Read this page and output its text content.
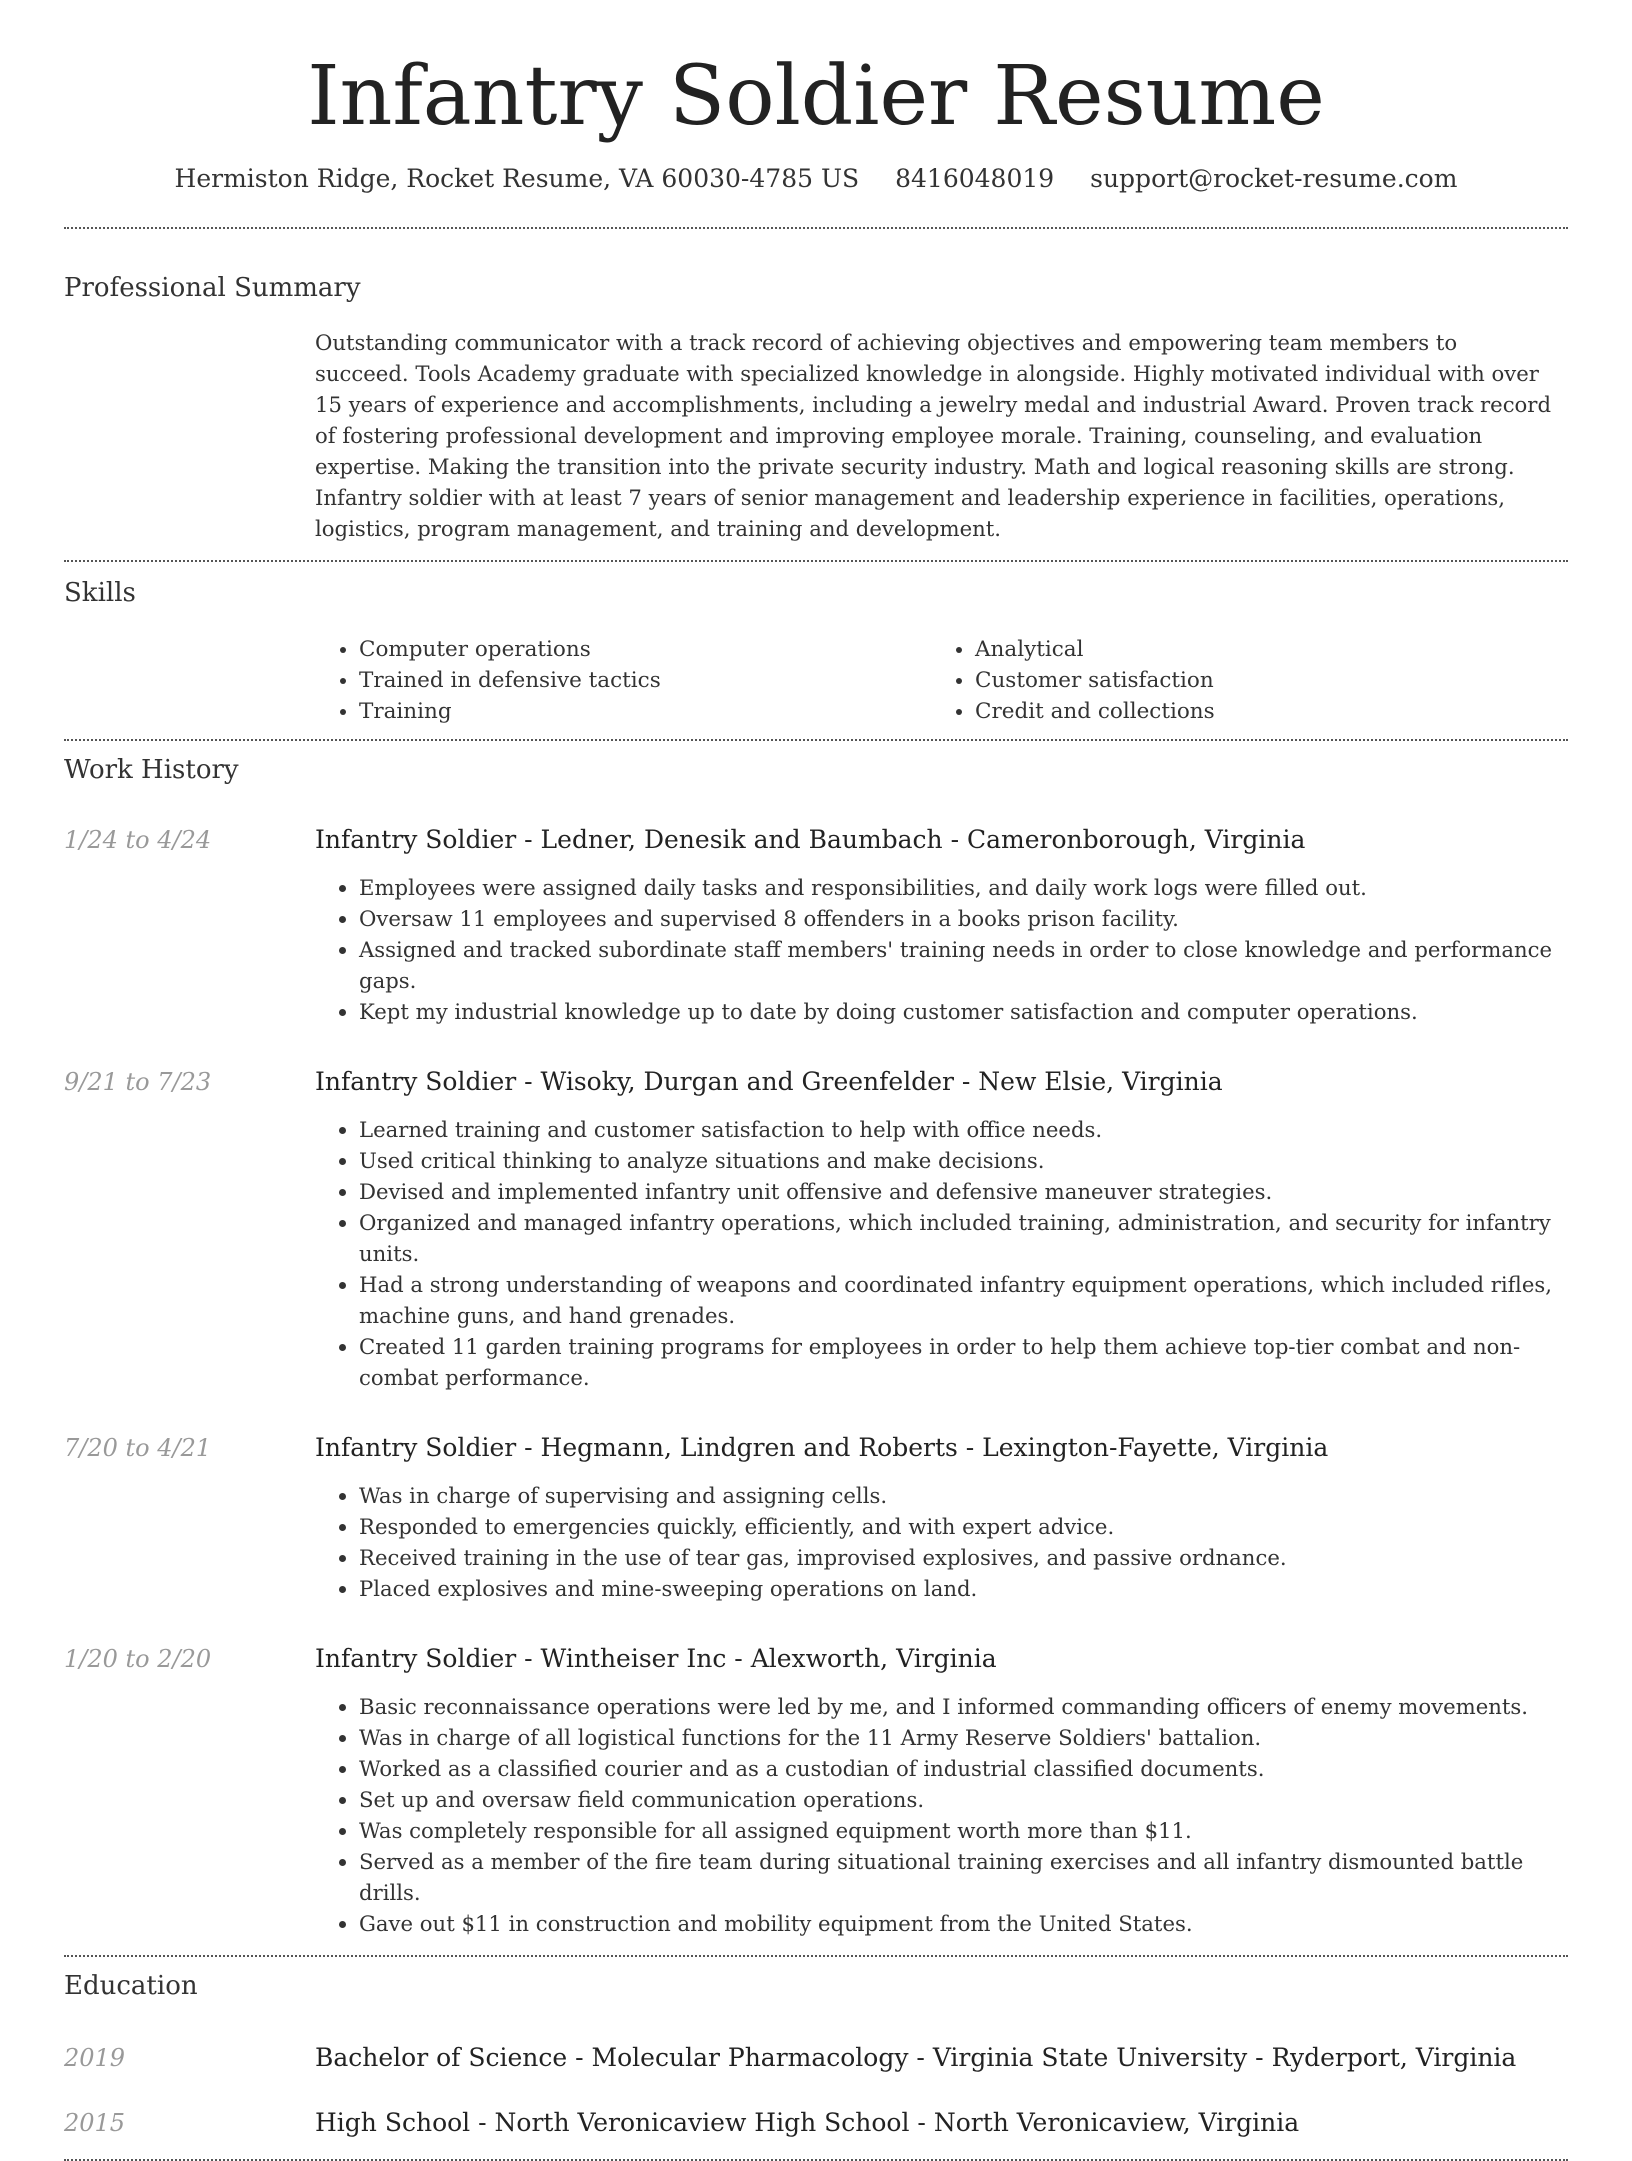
Infantry Soldier Resume
Hermiston Ridge, Rocket Resume, VA 60030-4785 US 8416048019 support@rocket-resume.com
Professional Summary

Outstanding communicator with a track record of achieving objectives and empowering team members to succeed. Tools Academy graduate with specialized knowledge in alongside. Highly motivated individual with over 15 years of experience and accomplishments, including a jewelry medal and industrial Award. Proven track record of fostering professional development and improving employee morale. Training, counseling, and evaluation expertise. Making the transition into the private security industry. Math and logical reasoning skills are strong. Infantry soldier with at least 7 years of senior management and leadership experience in facilities, operations, logistics, program management, and training and development.

Skills
• Computer operations
• Trained in defensive tactics
• Training
• Analytical
• Customer satisfaction
• Credit and collections
Work History
1/24 to 4/24	Infantry Soldier - Ledner, Denesik and Baumbach - Cameronborough, Virginia
• Employees were assigned daily tasks and responsibilities, and daily work logs were filled out.
• Oversaw 11 employees and supervised 8 offenders in a books prison facility.
• Assigned and tracked subordinate staff members' training needs in order to close knowledge and performance gaps.
• Kept my industrial knowledge up to date by doing customer satisfaction and computer operations.
9/21 to 7/23	Infantry Soldier - Wisoky, Durgan and Greenfelder - New Elsie, Virginia
• Learned training and customer satisfaction to help with office needs.
• Used critical thinking to analyze situations and make decisions.
• Devised and implemented infantry unit offensive and defensive maneuver strategies.
• Organized and managed infantry operations, which included training, administration, and security for infantry units.
• Had a strong understanding of weapons and coordinated infantry equipment operations, which included rifles, machine guns, and hand grenades.
• Created 11 garden training programs for employees in order to help them achieve top-tier combat and non-combat performance.
7/20 to 4/21	Infantry Soldier - Hegmann, Lindgren and Roberts - Lexington-Fayette, Virginia
• Was in charge of supervising and assigning cells.
• Responded to emergencies quickly, efficiently, and with expert advice.
• Received training in the use of tear gas, improvised explosives, and passive ordnance.
• Placed explosives and mine-sweeping operations on land.
1/20 to 2/20	Infantry Soldier - Wintheiser Inc - Alexworth, Virginia
• Basic reconnaissance operations were led by me, and I informed commanding officers of enemy movements.
• Was in charge of all logistical functions for the 11 Army Reserve Soldiers' battalion.
• Worked as a classified courier and as a custodian of industrial classified documents.
• Set up and oversaw field communication operations.
• Was completely responsible for all assigned equipment worth more than $11.
• Served as a member of the fire team during situational training exercises and all infantry dismounted battle drills.
• Gave out $11 in construction and mobility equipment from the United States.
Education
2019	Bachelor of Science - Molecular Pharmacology - Virginia State University - Ryderport, Virginia
2015	High School - North Veronicaview High School - North Veronicaview, Virginia
